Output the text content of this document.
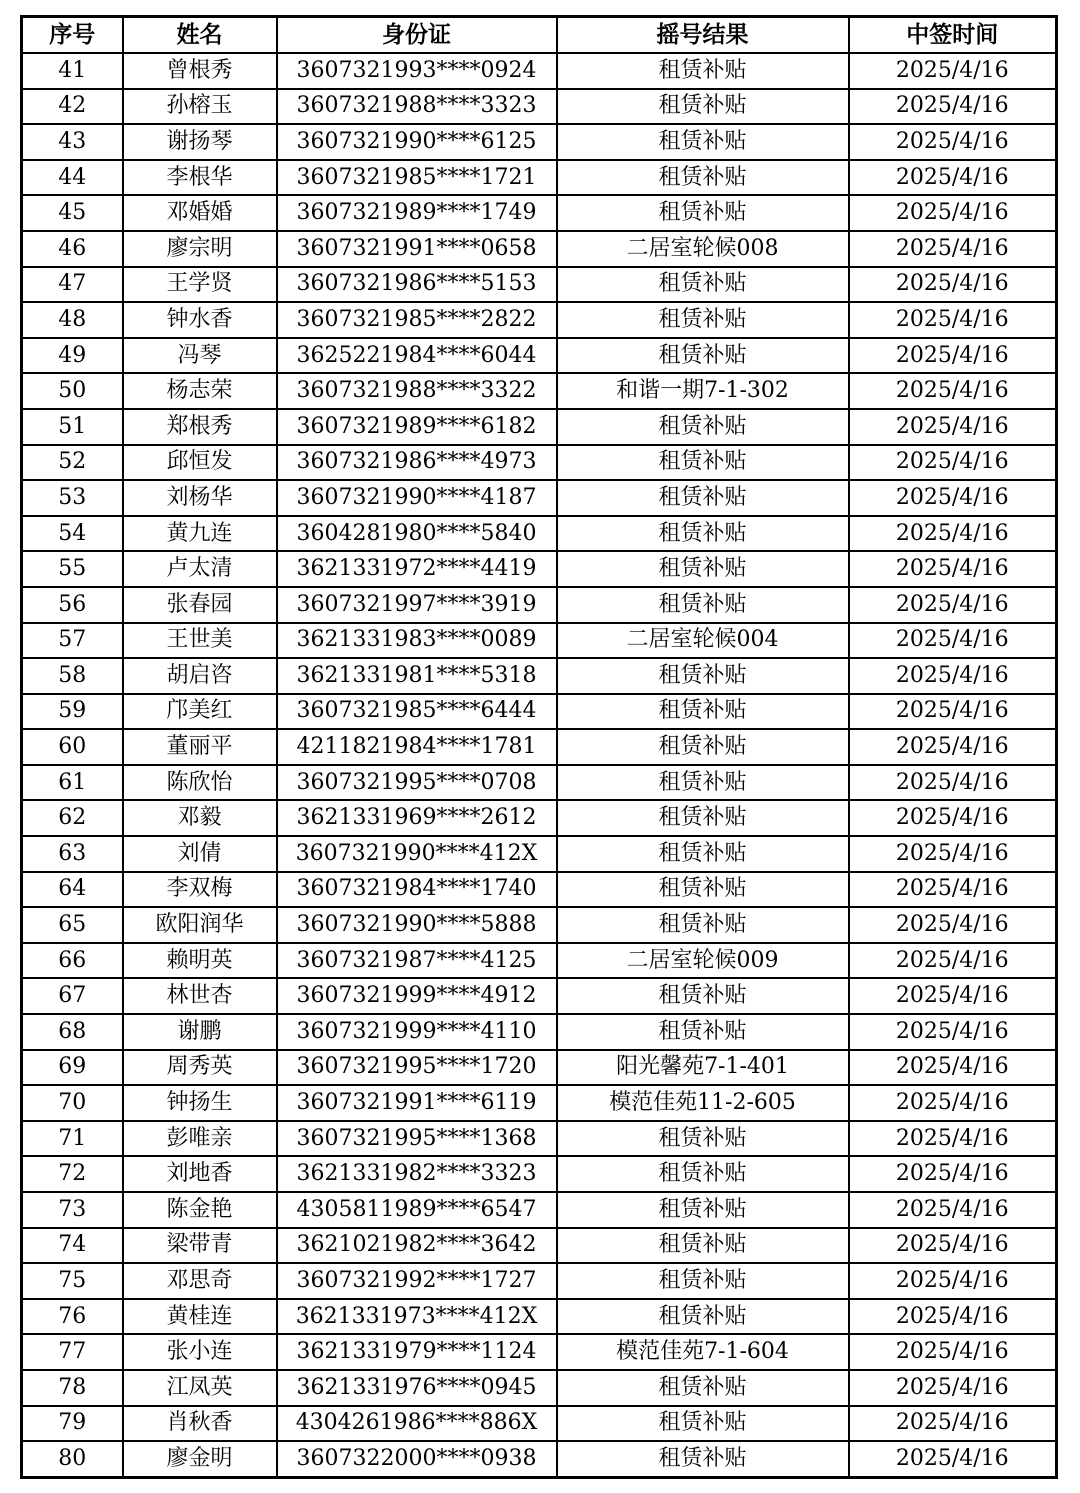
序号	姓名	身份证	摇号结果	中签时间
41	曾根秀	3607321993****0924	租赁补贴	2025/4/16
42	孙榕玉	3607321988****3323	租赁补贴	2025/4/16
43	谢扬琴	3607321990****6125	租赁补贴	2025/4/16
44	李根华	3607321985****1721	租赁补贴	2025/4/16
45	邓婚婚	3607321989****1749	租赁补贴	2025/4/16
46	廖宗明	3607321991****0658	二居室轮候008	2025/4/16
47	王学贤	3607321986****5153	租赁补贴	2025/4/16
48	钟水香	3607321985****2822	租赁补贴	2025/4/16
49	冯琴	3625221984****6044	租赁补贴	2025/4/16
50	杨志荣	3607321988****3322	和谐一期7-1-302	2025/4/16
51	郑根秀	3607321989****6182	租赁补贴	2025/4/16
52	邱恒发	3607321986****4973	租赁补贴	2025/4/16
53	刘杨华	3607321990****4187	租赁补贴	2025/4/16
54	黄九连	3604281980****5840	租赁补贴	2025/4/16
55	卢太清	3621331972****4419	租赁补贴	2025/4/16
56	张春园	3607321997****3919	租赁补贴	2025/4/16
57	王世美	3621331983****0089	二居室轮候004	2025/4/16
58	胡启咨	3621331981****5318	租赁补贴	2025/4/16
59	邝美红	3607321985****6444	租赁补贴	2025/4/16
60	董丽平	4211821984****1781	租赁补贴	2025/4/16
61	陈欣怡	3607321995****0708	租赁补贴	2025/4/16
62	邓毅	3621331969****2612	租赁补贴	2025/4/16
63	刘倩	3607321990****412X	租赁补贴	2025/4/16
64	李双梅	3607321984****1740	租赁补贴	2025/4/16
65	欧阳润华	3607321990****5888	租赁补贴	2025/4/16
66	赖明英	3607321987****4125	二居室轮候009	2025/4/16
67	林世杏	3607321999****4912	租赁补贴	2025/4/16
68	谢鹏	3607321999****4110	租赁补贴	2025/4/16
69	周秀英	3607321995****1720	阳光馨苑7-1-401	2025/4/16
70	钟扬生	3607321991****6119	模范佳苑11-2-605	2025/4/16
71	彭唯亲	3607321995****1368	租赁补贴	2025/4/16
72	刘地香	3621331982****3323	租赁补贴	2025/4/16
73	陈金艳	4305811989****6547	租赁补贴	2025/4/16
74	梁带青	3621021982****3642	租赁补贴	2025/4/16
75	邓思奇	3607321992****1727	租赁补贴	2025/4/16
76	黄桂连	3621331973****412X	租赁补贴	2025/4/16
77	张小连	3621331979****1124	模范佳苑7-1-604	2025/4/16
78	江凤英	3621331976****0945	租赁补贴	2025/4/16
79	肖秋香	4304261986****886X	租赁补贴	2025/4/16
80	廖金明	3607322000****0938	租赁补贴	2025/4/16
